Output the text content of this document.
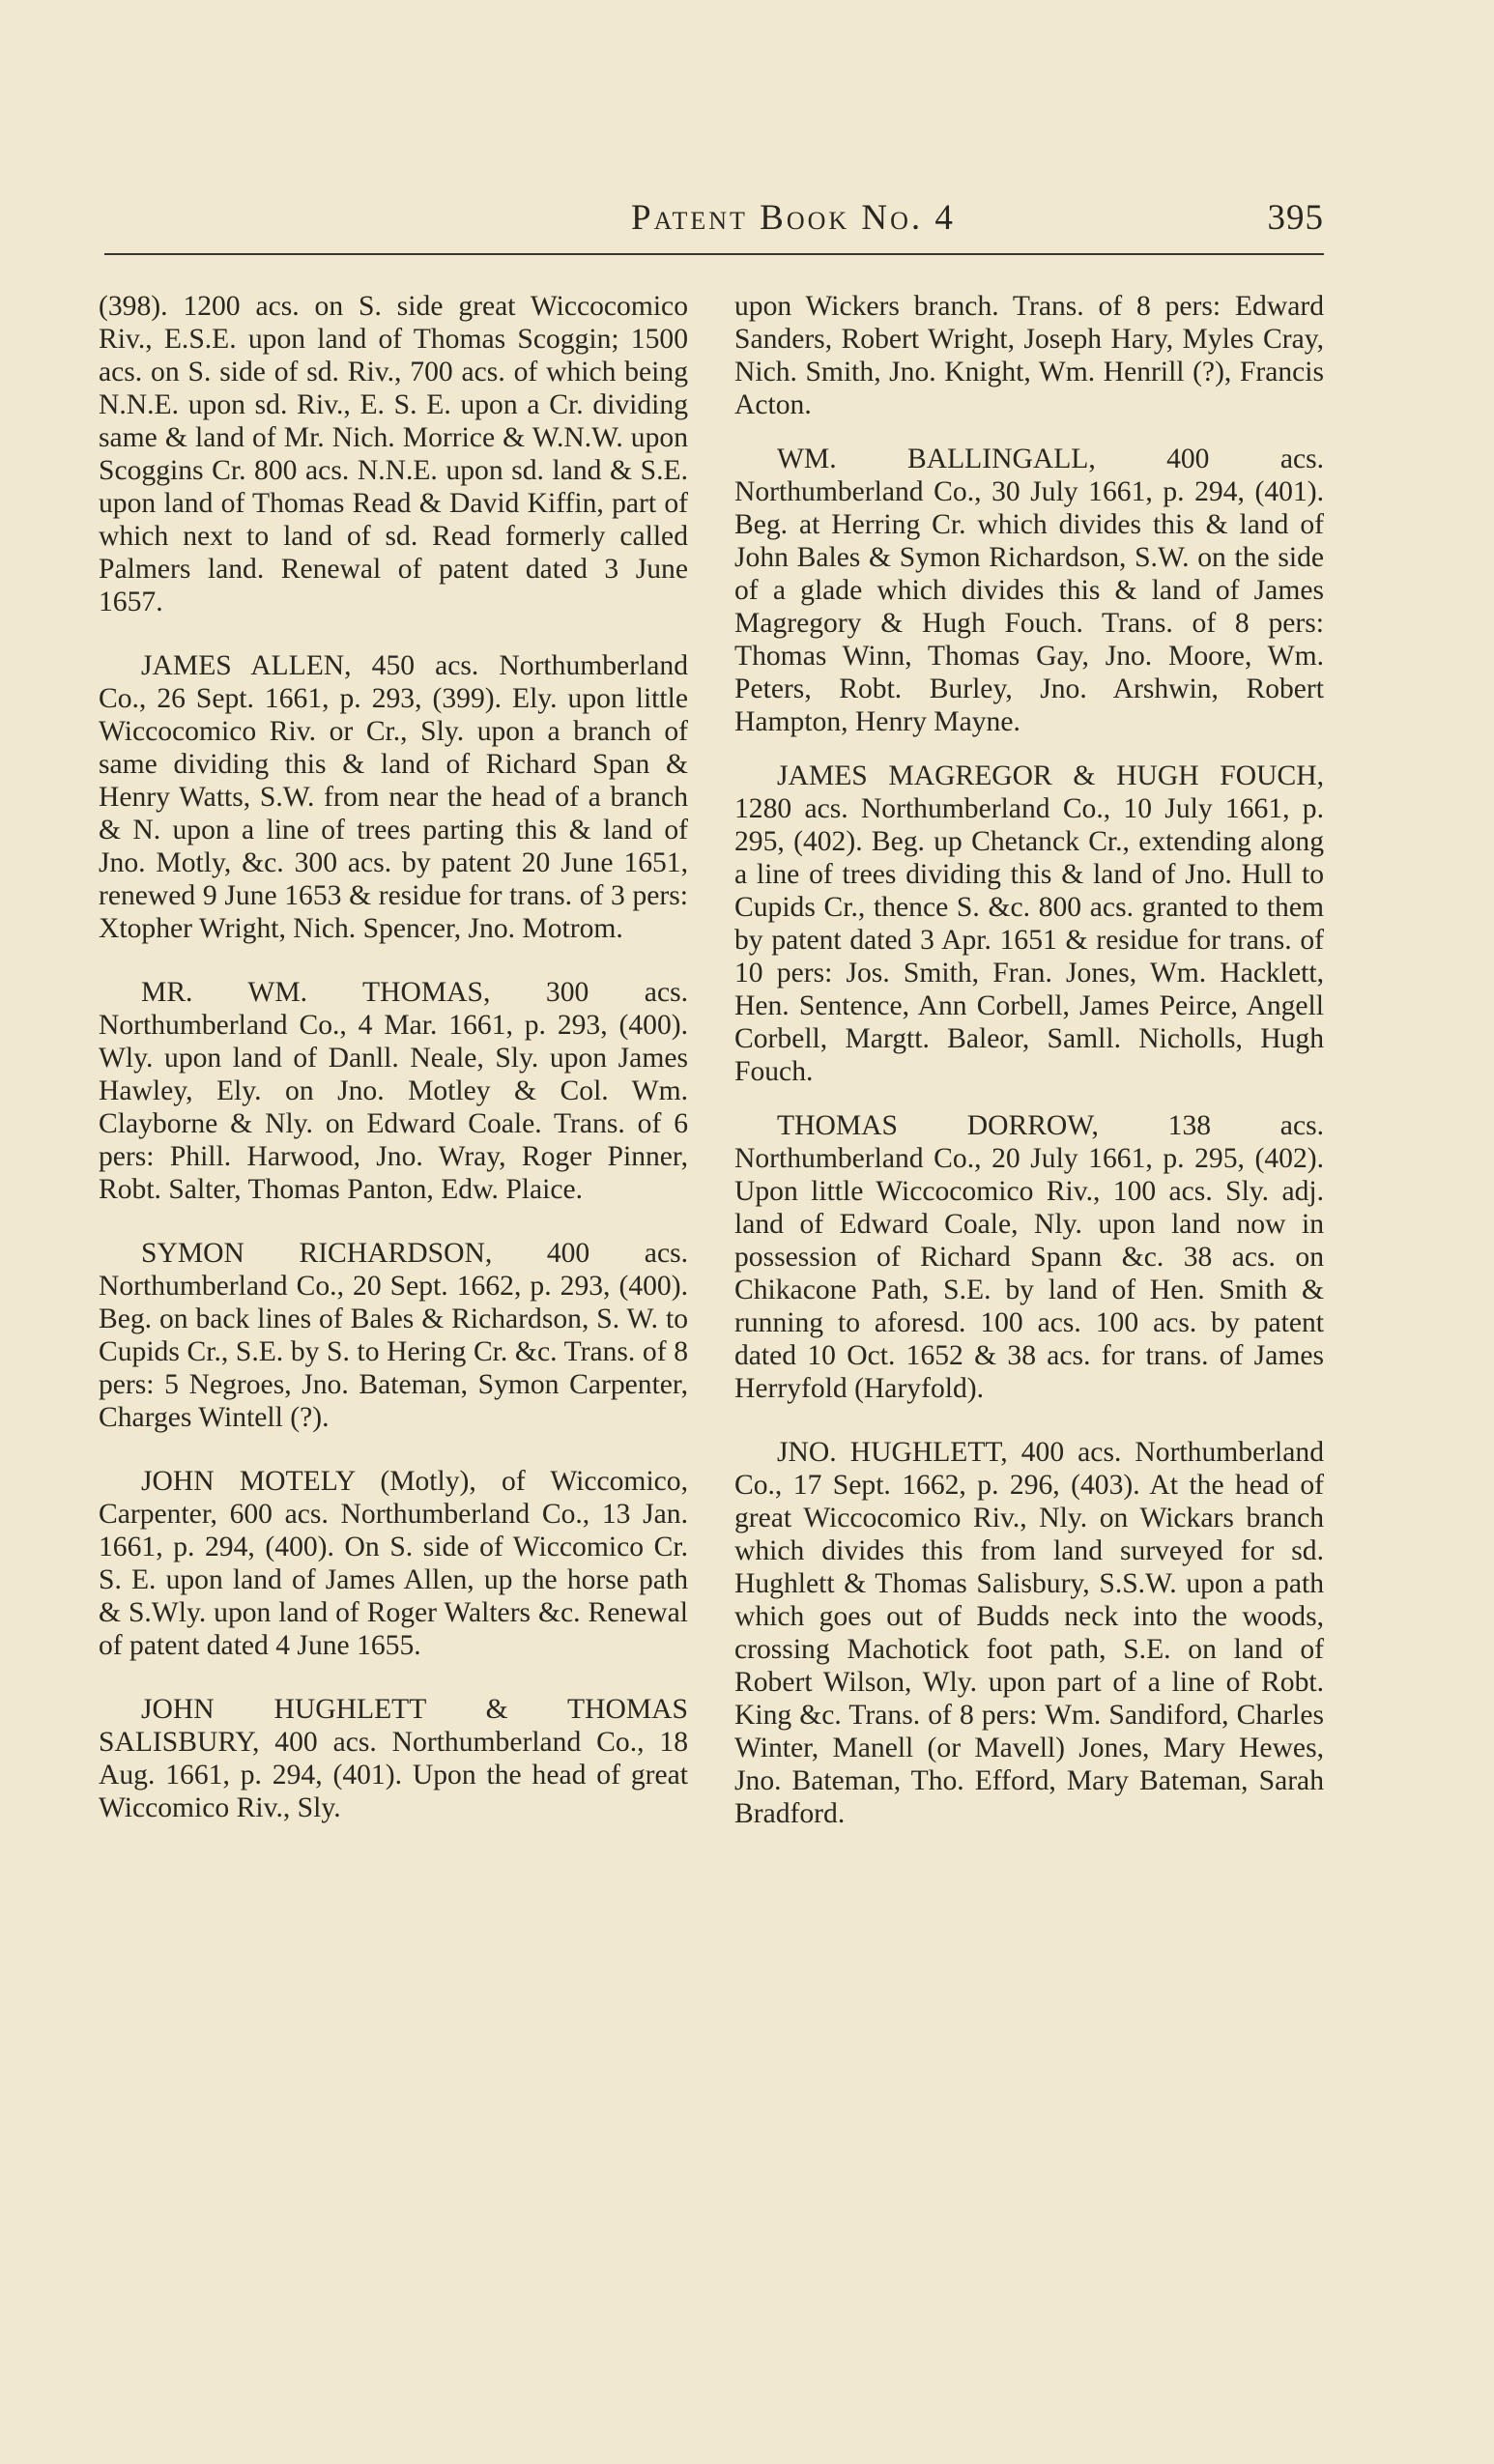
Patent Book No. 4	395

(398). 1200 acs. on S. side great Wiccocomico Riv., E.S.E. upon land of Thomas Scoggin; 1500 acs. on S. side of sd. Riv., 700 acs. of which being N.N.E. upon sd. Riv., E. S. E. upon a Cr. dividing same & land of Mr. Nich. Morrice & W.N.W. upon Scoggins Cr. 800 acs. N.N.E. upon sd. land & S.E. upon land of Thomas Read & David Kiffin, part of which next to land of sd. Read formerly called Palmers land. Renewal of patent dated 3 June 1657.

JAMES ALLEN, 450 acs. Northumberland Co., 26 Sept. 1661, p. 293, (399). Ely. upon little Wiccocomico Riv. or Cr., Sly. upon a branch of same dividing this & land of Richard Span & Henry Watts, S.W. from near the head of a branch & N. upon a line of trees parting this & land of Jno. Motly, &c. 300 acs. by patent 20 June 1651, renewed 9 June 1653 & residue for trans. of 3 pers: Xtopher Wright, Nich. Spencer, Jno. Motrom.

MR. WM. THOMAS, 300 acs. Northumberland Co., 4 Mar. 1661, p. 293, (400). Wly. upon land of Danll. Neale, Sly. upon James Hawley, Ely. on Jno. Motley & Col. Wm. Clayborne & Nly. on Edward Coale. Trans. of 6 pers: Phill. Harwood, Jno. Wray, Roger Pinner, Robt. Salter, Thomas Panton, Edw. Plaice.

SYMON RICHARDSON, 400 acs. Northumberland Co., 20 Sept. 1662, p. 293, (400). Beg. on back lines of Bales & Richardson, S. W. to Cupids Cr., S.E. by S. to Hering Cr. &c. Trans. of 8 pers: 5 Negroes, Jno. Bateman, Symon Carpenter, Charges Wintell (?).

JOHN MOTELY (Motly), of Wiccomico, Carpenter, 600 acs. Northumberland Co., 13 Jan. 1661, p. 294, (400). On S. side of Wiccomico Cr. S. E. upon land of James Allen, up the horse path & S.Wly. upon land of Roger Walters &c. Renewal of patent dated 4 June 1655.

JOHN HUGHLETT & THOMAS SALISBURY, 400 acs. Northumberland Co., 18 Aug. 1661, p. 294, (401). Upon the head of great Wiccomico Riv., Sly.

upon Wickers branch. Trans. of 8 pers: Edward Sanders, Robert Wright, Joseph Hary, Myles Cray, Nich. Smith, Jno. Knight, Wm. Henrill (?), Francis Acton.

WM. BALLINGALL, 400 acs. Northumberland Co., 30 July 1661, p. 294, (401). Beg. at Herring Cr. which divides this & land of John Bales & Symon Richardson, S.W. on the side of a glade which divides this & land of James Magregory & Hugh Fouch. Trans. of 8 pers: Thomas Winn, Thomas Gay, Jno. Moore, Wm. Peters, Robt. Burley, Jno. Arshwin, Robert Hampton, Henry Mayne.

JAMES MAGREGOR & HUGH FOUCH, 1280 acs. Northumberland Co., 10 July 1661, p. 295, (402). Beg. up Chetanck Cr., extending along a line of trees dividing this & land of Jno. Hull to Cupids Cr., thence S. &c. 800 acs. granted to them by patent dated 3 Apr. 1651 & residue for trans. of 10 pers: Jos. Smith, Fran. Jones, Wm. Hacklett, Hen. Sentence, Ann Corbell, James Peirce, Angell Corbell, Margtt. Baleor, Samll. Nicholls, Hugh Fouch.

THOMAS DORROW, 138 acs. Northumberland Co., 20 July 1661, p. 295, (402). Upon little Wiccocomico Riv., 100 acs. Sly. adj. land of Edward Coale, Nly. upon land now in possession of Richard Spann &c. 38 acs. on Chikacone Path, S.E. by land of Hen. Smith & running to aforesd. 100 acs. 100 acs. by patent dated 10 Oct. 1652 & 38 acs. for trans. of James Herryfold (Haryfold).

JNO. HUGHLETT, 400 acs. Northumberland Co., 17 Sept. 1662, p. 296, (403). At the head of great Wiccocomico Riv., Nly. on Wickars branch which divides this from land surveyed for sd. Hughlett & Thomas Salisbury, S.S.W. upon a path which goes out of Budds neck into the woods, crossing Machotick foot path, S.E. on land of Robert Wilson, Wly. upon part of a line of Robt. King &c. Trans. of 8 pers: Wm. Sandiford, Charles Winter, Manell (or Mavell) Jones, Mary Hewes, Jno. Bateman, Tho. Efford, Mary Bateman, Sarah Bradford.
